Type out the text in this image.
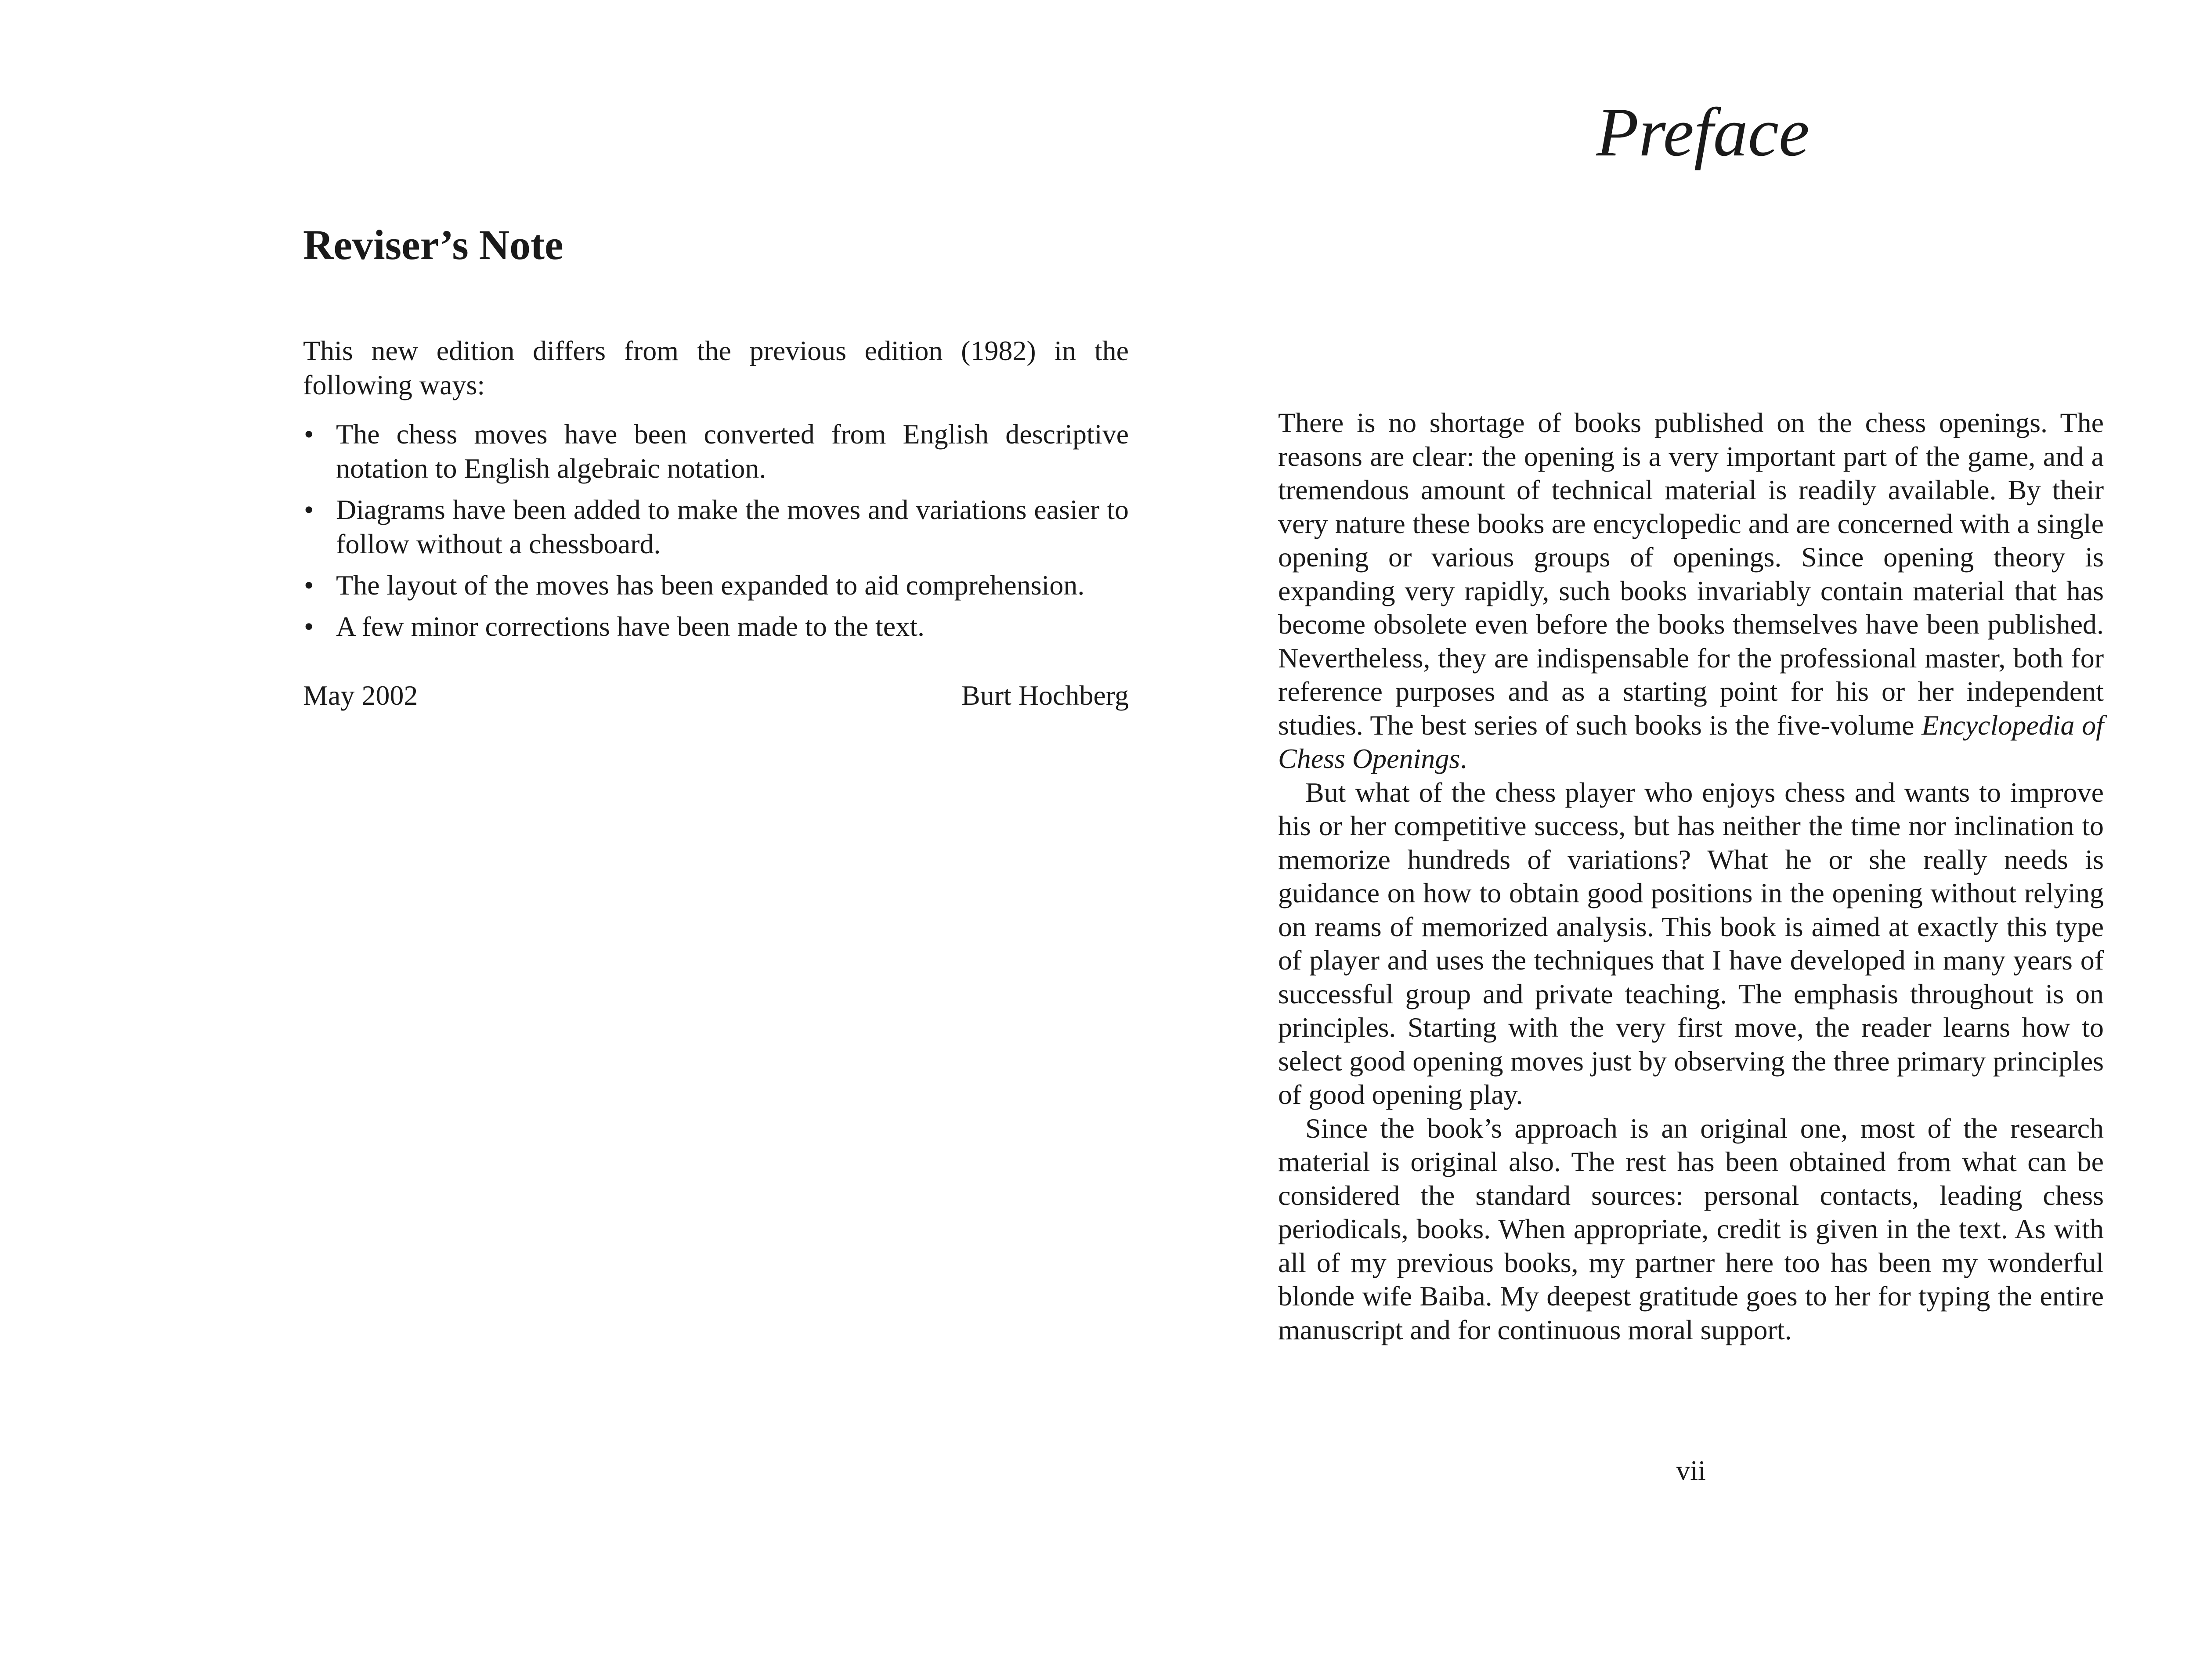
Reviser’s Note

This new edition differs from the previous edition (1982) in the following ways:

• The chess moves have been converted from English descriptive notation to English algebraic notation.
• Diagrams have been added to make the moves and variations easier to follow without a chessboard.
• The layout of the moves has been expanded to aid comprehension.
• A few minor corrections have been made to the text.
May 2002	Burt Hochberg
Preface

There is no shortage of books published on the chess openings. The reasons are clear: the opening is a very important part of the game, and a tremendous amount of technical material is readily available. By their very nature these books are encyclopedic and are concerned with a single opening or various groups of openings. Since opening theory is expanding very rapidly, such books invariably contain material that has become obsolete even before the books themselves have been published. Nevertheless, they are indispensable for the professional master, both for reference purposes and as a starting point for his or her independent studies. The best series of such books is the five-volume Encyclopedia of Chess Openings.

But what of the chess player who enjoys chess and wants to improve his or her competitive success, but has neither the time nor inclination to memorize hundreds of variations? What he or she really needs is guidance on how to obtain good positions in the opening without relying on reams of memorized analysis. This book is aimed at exactly this type of player and uses the techniques that I have developed in many years of successful group and private teaching. The emphasis throughout is on principles. Starting with the very first move, the reader learns how to select good opening moves just by observing the three primary principles of good opening play.

Since the book’s approach is an original one, most of the research material is original also. The rest has been obtained from what can be considered the standard sources: personal contacts, leading chess periodicals, books. When appropriate, credit is given in the text. As with all of my previous books, my partner here too has been my wonderful blonde wife Baiba. My deepest gratitude goes to her for typing the entire manuscript and for continuous moral support.

vii
